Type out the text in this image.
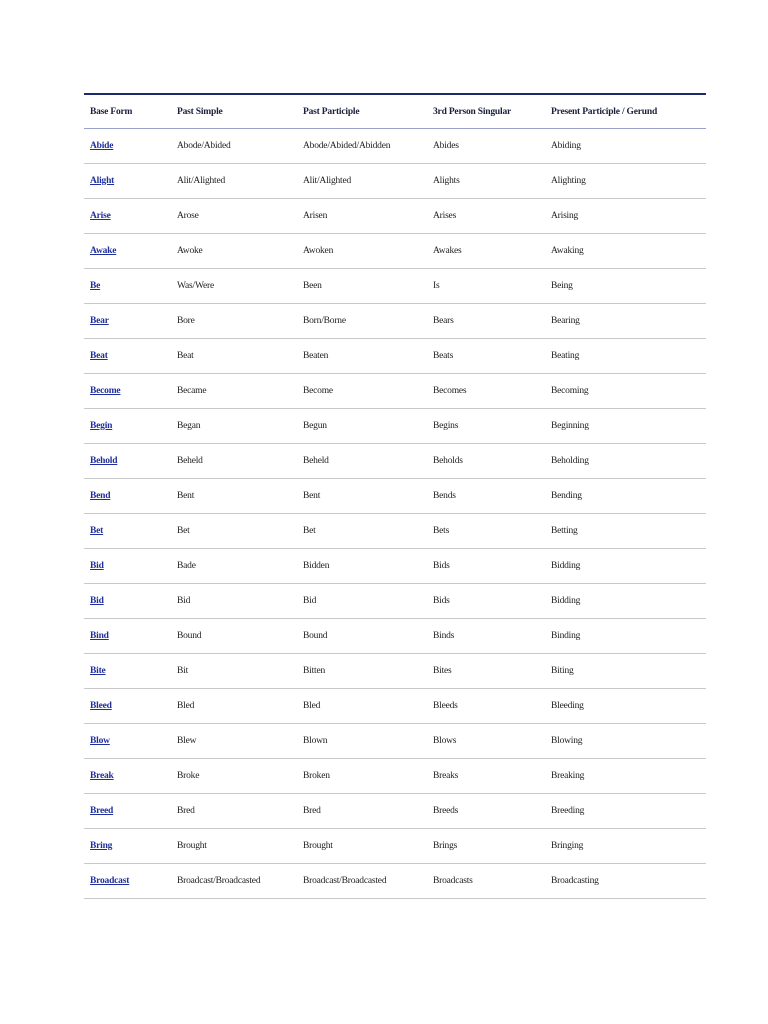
Base Form	Past Simple	Past Participle	3rd Person Singular	Present Participle / Gerund
Abide	Abode/Abided	Abode/Abided/Abidden	Abides	Abiding
Alight	Alit/Alighted	Alit/Alighted	Alights	Alighting
Arise	Arose	Arisen	Arises	Arising
Awake	Awoke	Awoken	Awakes	Awaking
Be	Was/Were	Been	Is	Being
Bear	Bore	Born/Borne	Bears	Bearing
Beat	Beat	Beaten	Beats	Beating
Become	Became	Become	Becomes	Becoming
Begin	Began	Begun	Begins	Beginning
Behold	Beheld	Beheld	Beholds	Beholding
Bend	Bent	Bent	Bends	Bending
Bet	Bet	Bet	Bets	Betting
Bid	Bade	Bidden	Bids	Bidding
Bid	Bid	Bid	Bids	Bidding
Bind	Bound	Bound	Binds	Binding
Bite	Bit	Bitten	Bites	Biting
Bleed	Bled	Bled	Bleeds	Bleeding
Blow	Blew	Blown	Blows	Blowing
Break	Broke	Broken	Breaks	Breaking
Breed	Bred	Bred	Breeds	Breeding
Bring	Brought	Brought	Brings	Bringing
Broadcast	Broadcast/Broadcasted	Broadcast/Broadcasted	Broadcasts	Broadcasting
